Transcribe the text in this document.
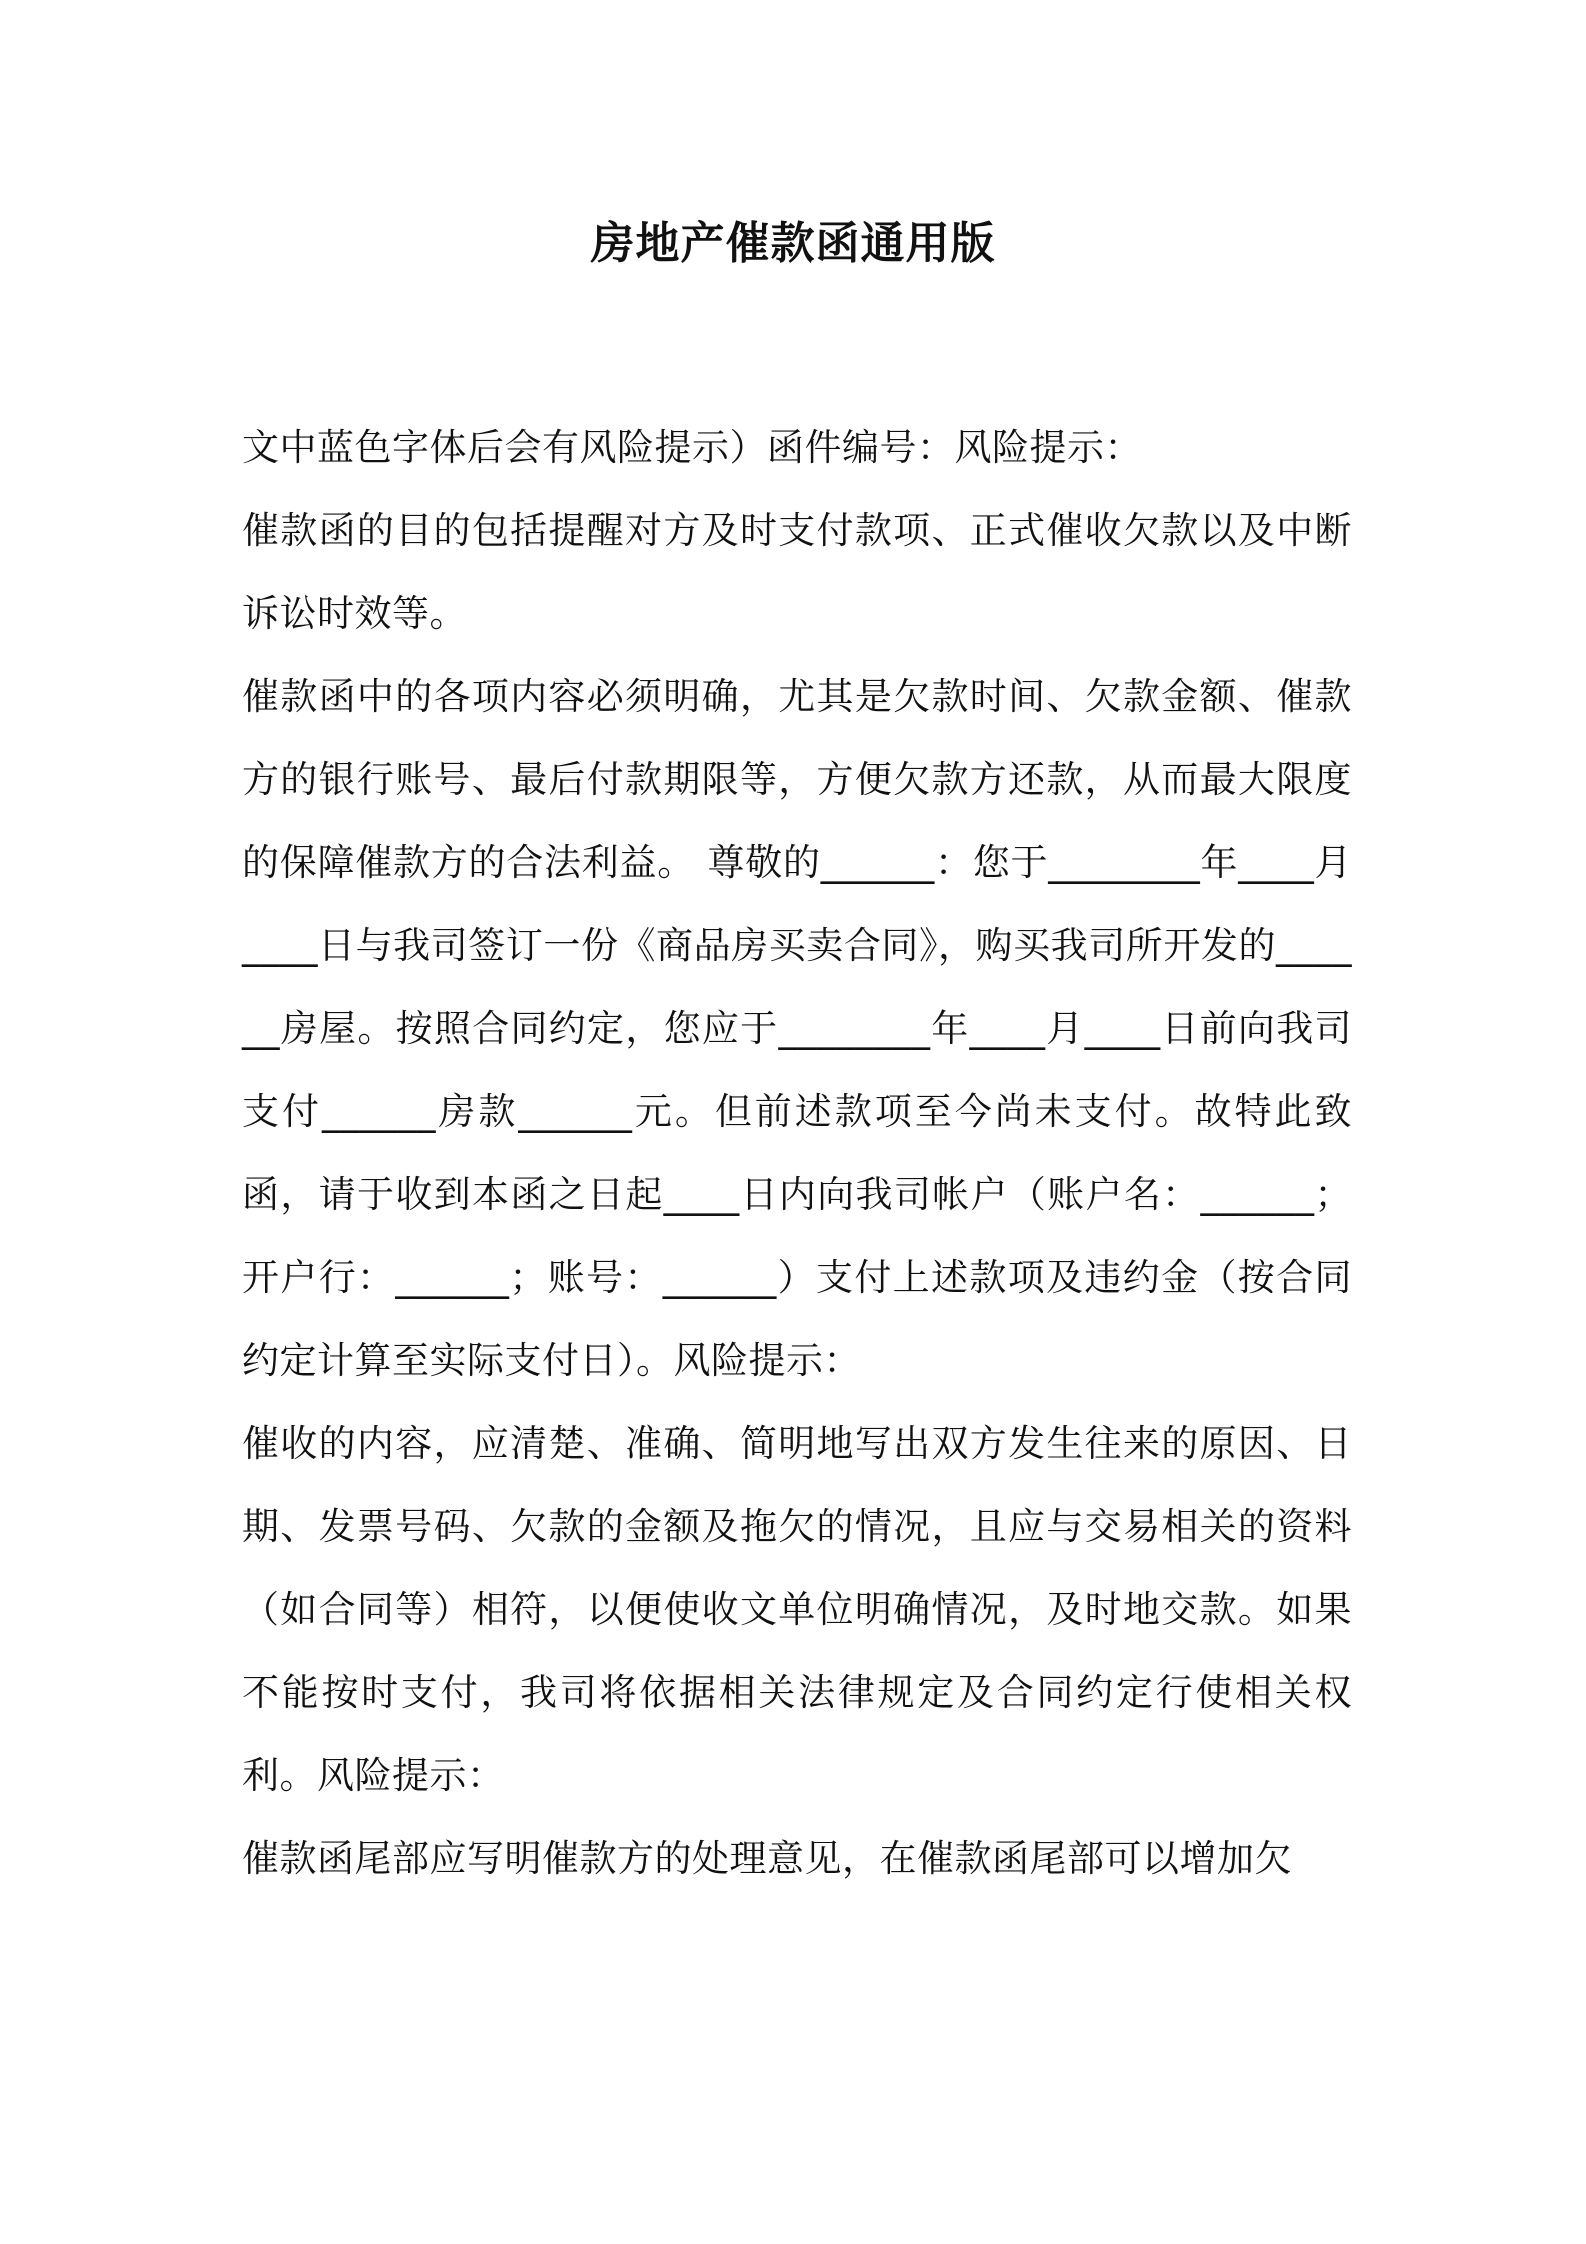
房地产催款函通用版

文中蓝色字体后会有风险提示）函件编号：风险提示：

催款函的目的包括提醒对方及时支付款项、正式催收欠款以及中断诉讼时效等。

催款函中的各项内容必须明确，尤其是欠款时间、欠款金额、催款方的银行账号、最后付款期限等，方便欠款方还款，从而最大限度的保障催款方的合法利益。 尊敬的______：您于________年____月____日与我司签订一份《商品房买卖合同》，购买我司所开发的______房屋。按照合同约定，您应于________年____月____日前向我司支付______房款______元。但前述款项至今尚未支付。故特此致函，请于收到本函之日起____日内向我司帐户（账户名：______；开户行：______；账号：______）支付上述款项及违约金（按合同约定计算至实际支付日）。风险提示：

催收的内容，应清楚、准确、简明地写出双方发生往来的原因、日期、发票号码、欠款的金额及拖欠的情况，且应与交易相关的资料（如合同等）相符，以便使收文单位明确情况，及时地交款。如果不能按时支付，我司将依据相关法律规定及合同约定行使相关权利。风险提示：

催款函尾部应写明催款方的处理意见，在催款函尾部可以增加欠
